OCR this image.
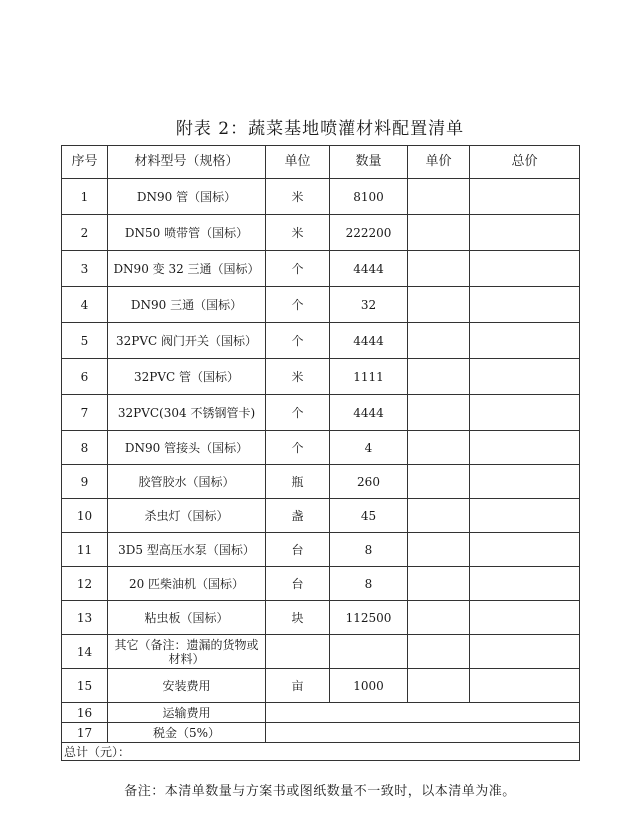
附表 2：蔬菜基地喷灌材料配置清单
序号	材料型号（规格）	单位	数量	单价	总价
1	DN90 管（国标）	米	8100		
2	DN50 喷带管（国标）	米	222200		
3	DN90 变 32 三通（国标）	个	4444		
4	DN90 三通（国标）	个	32		
5	32PVC 阀门开关（国标）	个	4444		
6	32PVC 管（国标）	米	1111		
7	32PVC(304 不锈钢管卡)	个	4444		
8	DN90 管接头（国标）	个	4		
9	胶管胶水（国标）	瓶	260		
10	杀虫灯（国标）	盏	45		
11	3D5 型高压水泵（国标）	台	8		
12	20 匹柴油机（国标）	台	8		
13	粘虫板（国标）	块	112500		
14	其它（备注：遗漏的货物或材料）				
15	安装费用	亩	1000		
16	运输费用				
17	税金（5%）				
总计（元）：					
备注：本清单数量与方案书或图纸数量不一致时，以本清单为准。
